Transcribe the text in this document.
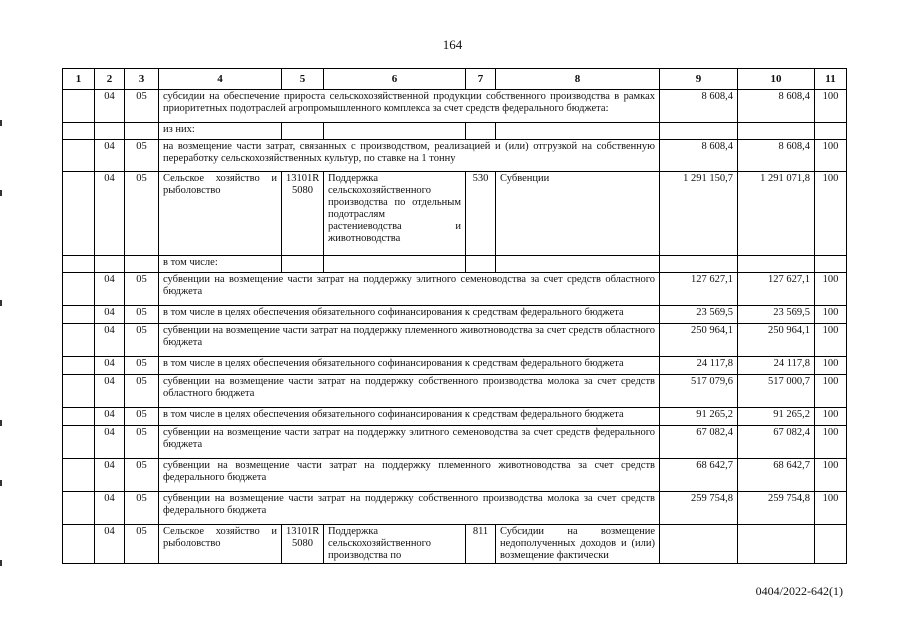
164
1	2	3	4	5	6	7	8	9	10	11
	04	05	субсидии на обеспечение прироста сельскохозяйственной продукции собственного производства в рамках приоритетных подотраслей агропромышленного комплекса за счет средств федерального бюджета:					8 608,4	8 608,4	100
			из них:							
	04	05	на возмещение части затрат, связанных с производством, реализацией и (или) отгрузкой на собственную переработку сельскохозяйственных культур, по ставке на 1 тонну					8 608,4	8 608,4	100
	04	05	Сельское хозяйство и рыболовство	13101R 5080	Поддержка сельскохозяйственного производства по отдельным подотраслям растениеводства и животноводства	530	Субвенции	1 291 150,7	1 291 071,8	100
			в том числе:							
	04	05	субвенции на возмещение части затрат на поддержку элитного семеноводства за счет средств областного бюджета					127 627,1	127 627,1	100
	04	05	в том числе в целях обеспечения обязательного софинансирования к средствам федерального бюджета					23 569,5	23 569,5	100
	04	05	субвенции на возмещение части затрат на поддержку племенного животноводства за счет средств областного бюджета					250 964,1	250 964,1	100
	04	05	в том числе в целях обеспечения обязательного софинансирования к средствам федерального бюджета					24 117,8	24 117,8	100
	04	05	субвенции на возмещение части затрат на поддержку собственного производства молока за счет средств областного бюджета					517 079,6	517 000,7	100
	04	05	в том числе в целях обеспечения обязательного софинансирования к средствам федерального бюджета					91 265,2	91 265,2	100
	04	05	субвенции на возмещение части затрат на поддержку элитного семеноводства за счет средств федерального бюджета					67 082,4	67 082,4	100
	04	05	субвенции на возмещение части затрат на поддержку племенного животноводства за счет средств федерального бюджета					68 642,7	68 642,7	100
	04	05	субвенции на возмещение части затрат на поддержку собственного производства молока за счет средств федерального бюджета					259 754,8	259 754,8	100
	04	05	Сельское хозяйство и рыболовство	13101R 5080	Поддержка сельскохозяйственного производства по	811	Субсидии на возмещение недополученных доходов и (или) возмещение фактически			
0404/2022-642(1)
